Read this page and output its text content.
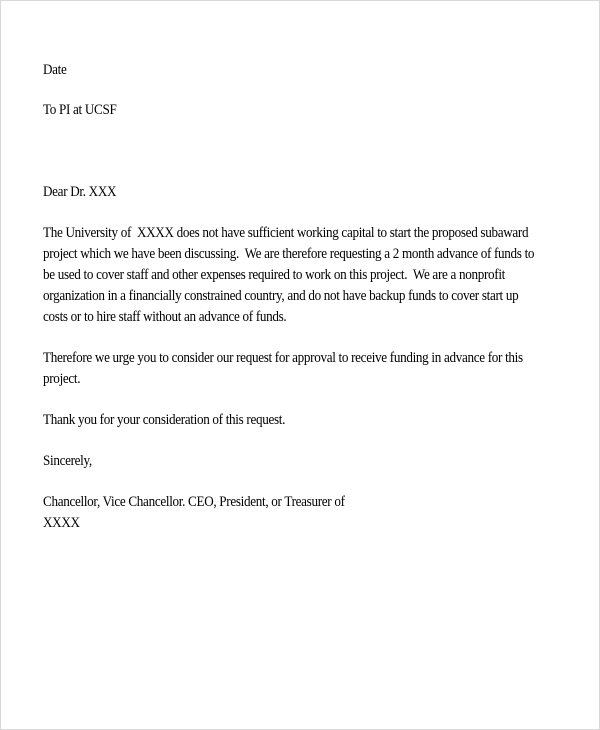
Date
To PI at UCSF
Dear Dr. XXX
The University of  XXXX does not have sufficient working capital to start the proposed subaward
project which we have been discussing.  We are therefore requesting a 2 month advance of funds to
be used to cover staff and other expenses required to work on this project.  We are a nonprofit
organization in a financially constrained country, and do not have backup funds to cover start up
costs or to hire staff without an advance of funds.
Therefore we urge you to consider our request for approval to receive funding in advance for this
project.
Thank you for your consideration of this request.
Sincerely,
Chancellor, Vice Chancellor. CEO, President, or Treasurer of
XXXX
